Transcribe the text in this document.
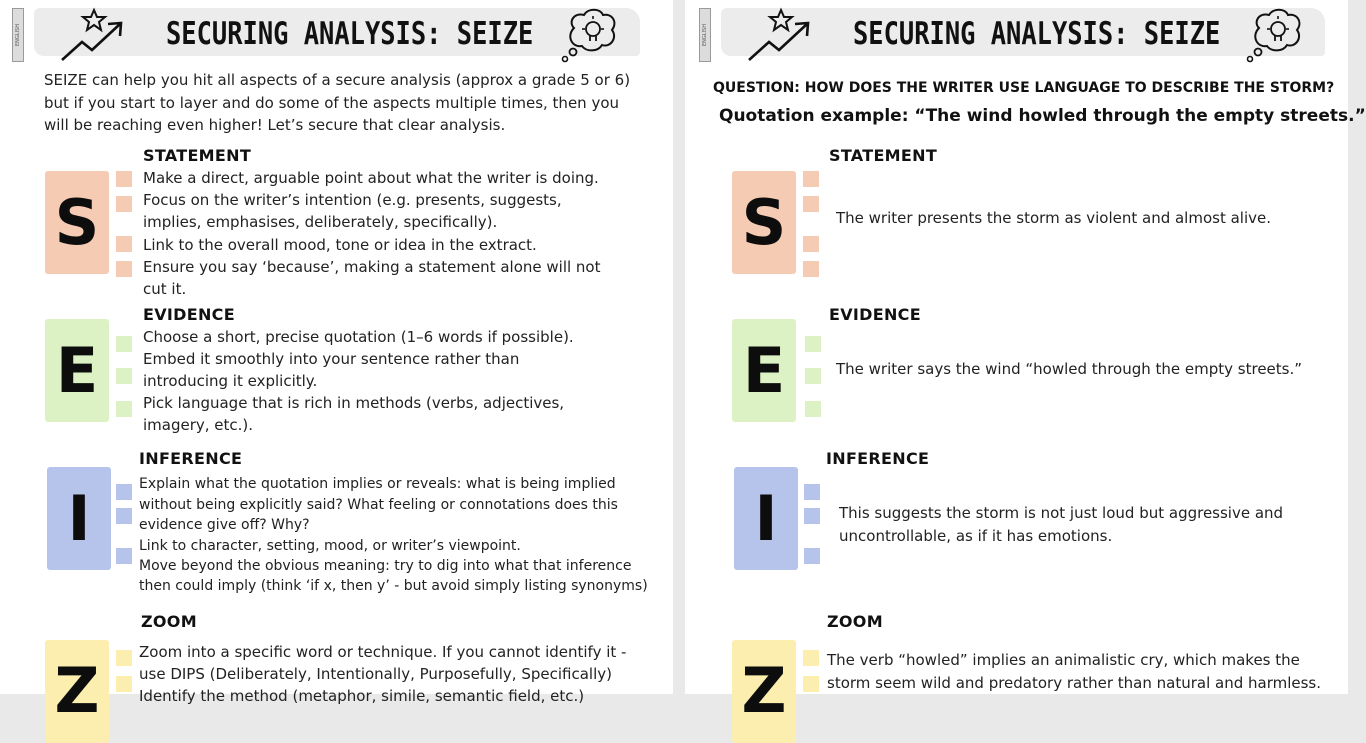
ENGLISH	SECURING ANALYSIS: SEIZE
SEIZE can help you hit all aspects of a secure analysis (approx a grade 5 or 6) but if you start to layer and do some of the aspects multiple times, then you will be reaching even higher! Let’s secure that clear analysis.
STATEMENT
S
Make a direct, arguable point about what the writer is doing.
Focus on the writer’s intention (e.g. presents, suggests,
implies, emphasises, deliberately, specifically).
Link to the overall mood, tone or idea in the extract.
Ensure you say ‘because’, making a statement alone will not
cut it.
EVIDENCE
E	Choose a short, precise quotation (1–6 words if possible).
Embed it smoothly into your sentence rather than
introducing it explicitly.
Pick language that is rich in methods (verbs, adjectives,
imagery, etc.).
INFERENCE
I	Explain what the quotation implies or reveals: what is being implied
without being explicitly said? What feeling or connotations does this
evidence give off? Why?
Link to character, setting, mood, or writer’s viewpoint.
Move beyond the obvious meaning: try to dig into what that inference
then could imply (think ‘if x, then y’ - but avoid simply listing synonyms)
ZOOM
Z
Zoom into a specific word or technique. If you cannot identify it -
use DIPS (Deliberately, Intentionally, Purposefully, Specifically)
Identify the method (metaphor, simile, semantic field, etc.)
ENGLISH	SECURING ANALYSIS: SEIZE
QUESTION: HOW DOES THE WRITER USE LANGUAGE TO DESCRIBE THE STORM?
Quotation example: “The wind howled through the empty streets.”
STATEMENT
S	The writer presents the storm as violent and almost alive.
EVIDENCE
E	The writer says the wind “howled through the empty streets.”
INFERENCE
I	This suggests the storm is not just loud but aggressive and uncontrollable, as if it has emotions.
ZOOM
Z	The verb “howled” implies an animalistic cry, which makes the storm seem wild and predatory rather than natural and harmless.
